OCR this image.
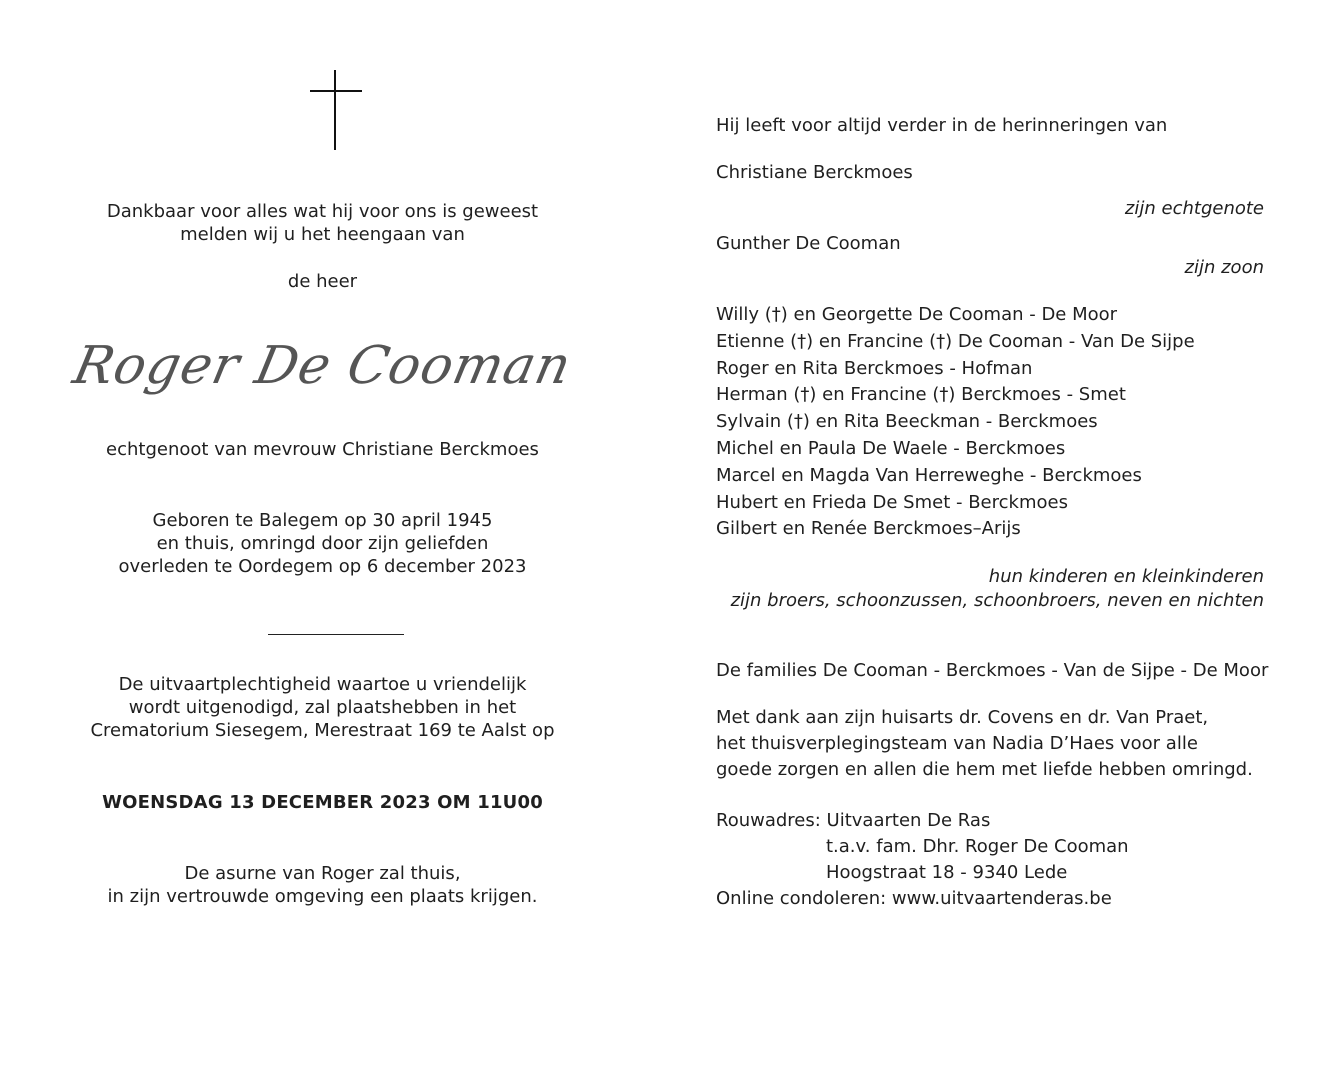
Dankbaar voor alles wat hij voor ons is geweest

melden wij u het heengaan van

de heer

Roger De Cooman

echtgenoot van mevrouw Christiane Berckmoes

Geboren te Balegem op 30 april 1945

en thuis, omringd door zijn geliefden

overleden te Oordegem op 6 december 2023

De uitvaartplechtigheid waartoe u vriendelijk

wordt uitgenodigd, zal plaatshebben in het

Crematorium Siesegem, Merestraat 169 te Aalst op

WOENSDAG 13 DECEMBER 2023 OM 11U00

De asurne van Roger zal thuis,

in zijn vertrouwde omgeving een plaats krijgen.

Hij leeft voor altijd verder in de herinneringen van

Christiane Berckmoes

zijn echtgenote

Gunther De Cooman

zijn zoon

Willy (†) en Georgette De Cooman - De Moor

Etienne (†) en Francine (†) De Cooman - Van De Sijpe

Roger en Rita Berckmoes - Hofman

Herman (†) en Francine (†) Berckmoes - Smet

Sylvain (†) en Rita Beeckman - Berckmoes

Michel en Paula De Waele - Berckmoes

Marcel en Magda Van Herreweghe - Berckmoes

Hubert en Frieda De Smet - Berckmoes

Gilbert en Renée Berckmoes–Arijs

hun kinderen en kleinkinderen
zijn broers, schoonzussen, schoonbroers, neven en nichten

De families De Cooman - Berckmoes - Van de Sijpe - De Moor

Met dank aan zijn huisarts dr. Covens en dr. Van Praet,

het thuisverplegingsteam van Nadia D’Haes voor alle

goede zorgen en allen die hem met liefde hebben omringd.

Rouwadres: Uitvaarten De Ras

t.a.v. fam. Dhr. Roger De Cooman

Hoogstraat 18 - 9340 Lede

Online condoleren: www.uitvaartenderas.be
